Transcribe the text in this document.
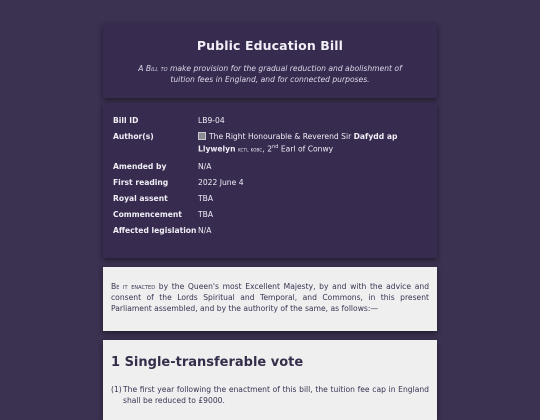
Public Education Bill

A Bill to make provision for the gradual reduction and abolishment of tuition fees in England, and for connected purposes.

Bill ID	LB9-04
Author(s)	The Right Honourable & Reverend Sir Dafydd ap Llywelyn kctl kobc, 2nd Earl of Conwy
Amended by	N/A
First reading	2022 June 4
Royal assent	TBA
Commencement	TBA
Affected legislation N/A

Be it enacted by the Queen's most Excellent Majesty, by and with the advice and consent of the Lords Spiritual and Temporal, and Commons, in this present Parliament assembled, and by the authority of the same, as follows:—

1 Single-transferable vote
(1) The first year following the enactment of this bill, the tuition fee cap in England shall be reduced to £9000.
